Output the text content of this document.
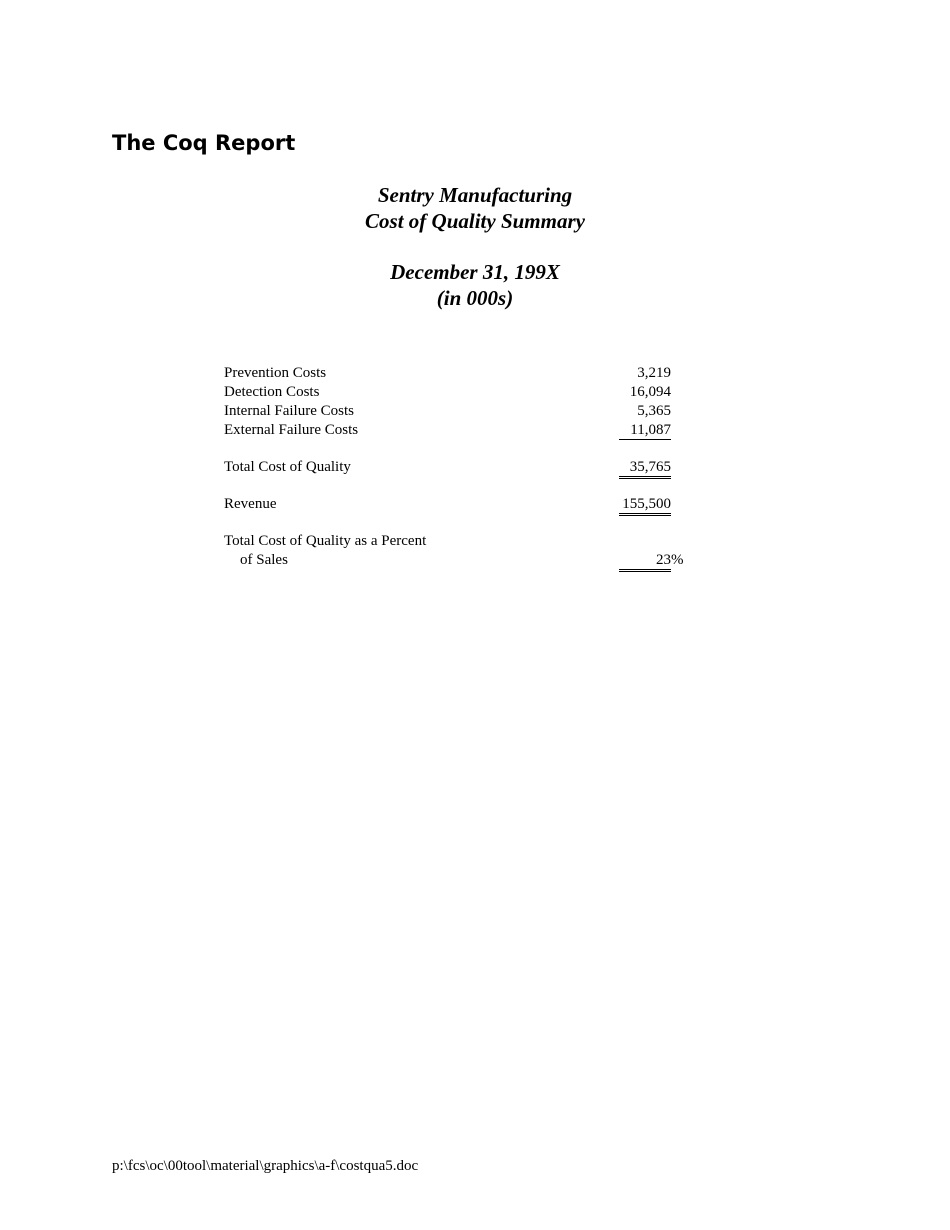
The Coq Report
Sentry Manufacturing
Cost of Quality Summary
December 31, 199X
(in 000s)
Prevention Costs	3,219
Detection Costs	16,094
Internal Failure Costs	5,365
External Failure Costs	11,087
Total Cost of Quality	35,765
Revenue	155,500
Total Cost of Quality as a Percent
of Sales	23%
p:\fcs\oc\00tool\material\graphics\a-f\costqua5.doc
